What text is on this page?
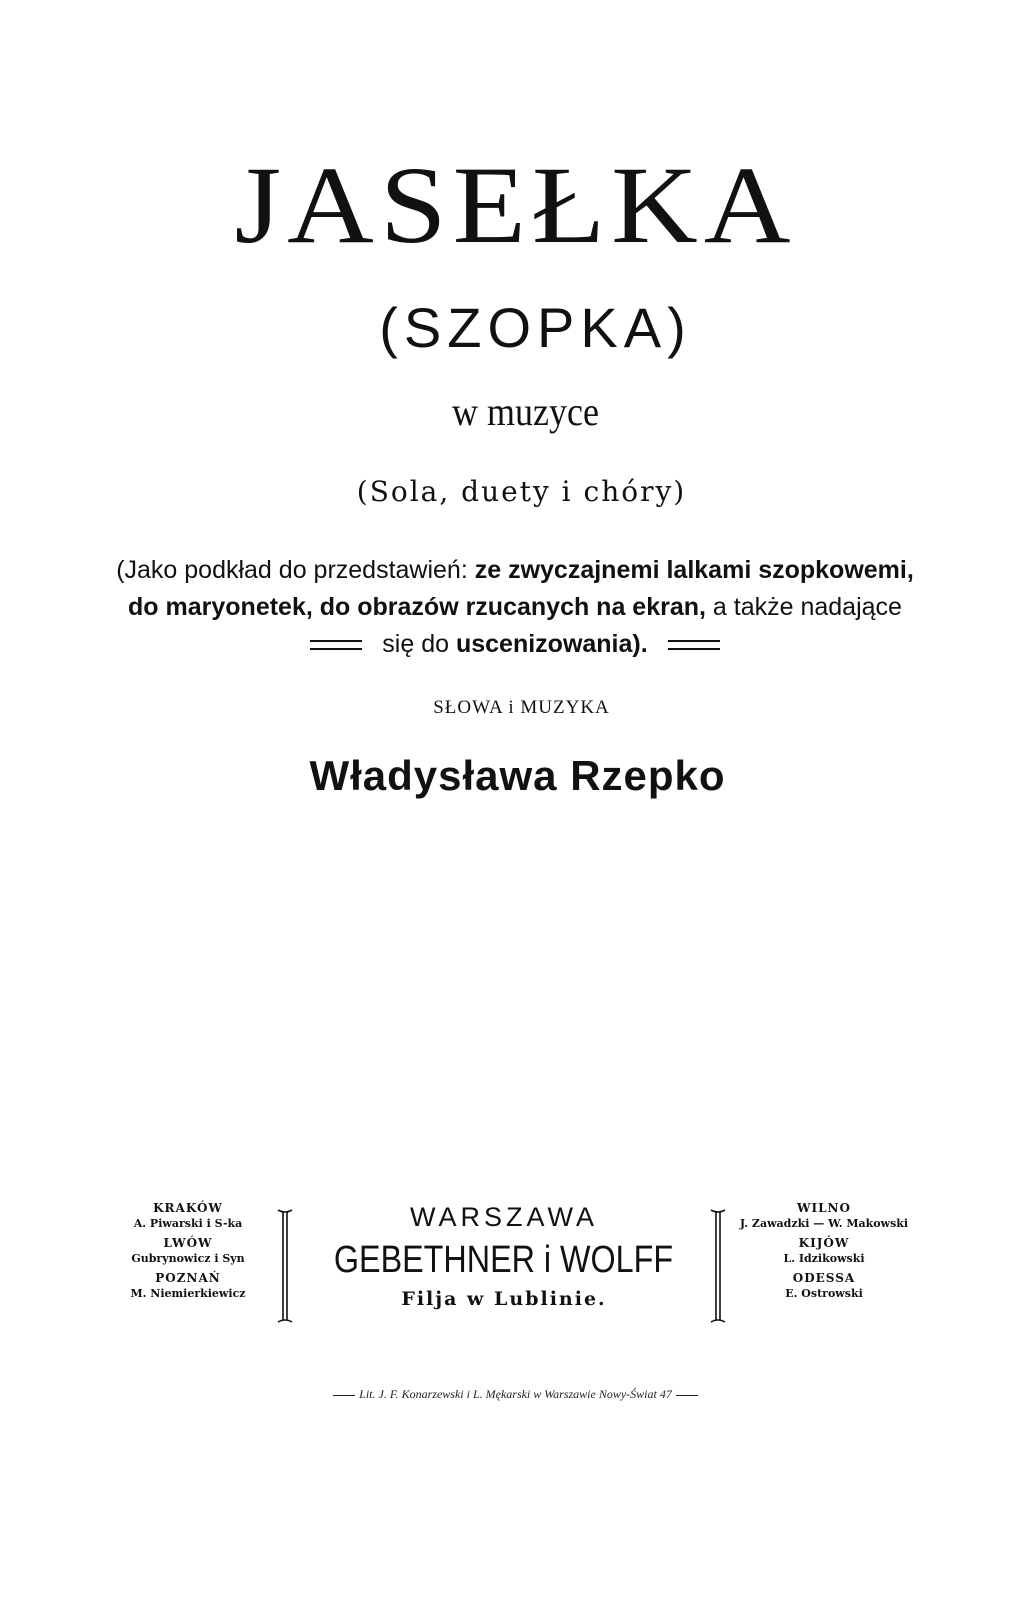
JASEŁKA
(SZOPKA)
w muzyce
(Sola, duety i chóry)
(Jako podkład do przedstawień: ze zwyczajnemi lalkami szopkowemi, do maryonetek, do obrazów rzucanych na ekran, a także nadające
się do uscenizowania).
SŁOWA i MUZYKA
Władysława Rzepko
KRAKÓW
A. Piwarski i S-ka
LWÓW
Gubrynowicz i Syn
POZNAŃ
M. Niemierkiewicz
WARSZAWA
GEBETHNER i WOLFF
Filja w Lublinie.
WILNO
J. Zawadzki — W. Makowski
KIJÓW
L. Idzikowski
ODESSA
E. Ostrowski
Lit. J. F. Konarzewski i L. Mękarski w Warszawie Nowy-Świat 47
